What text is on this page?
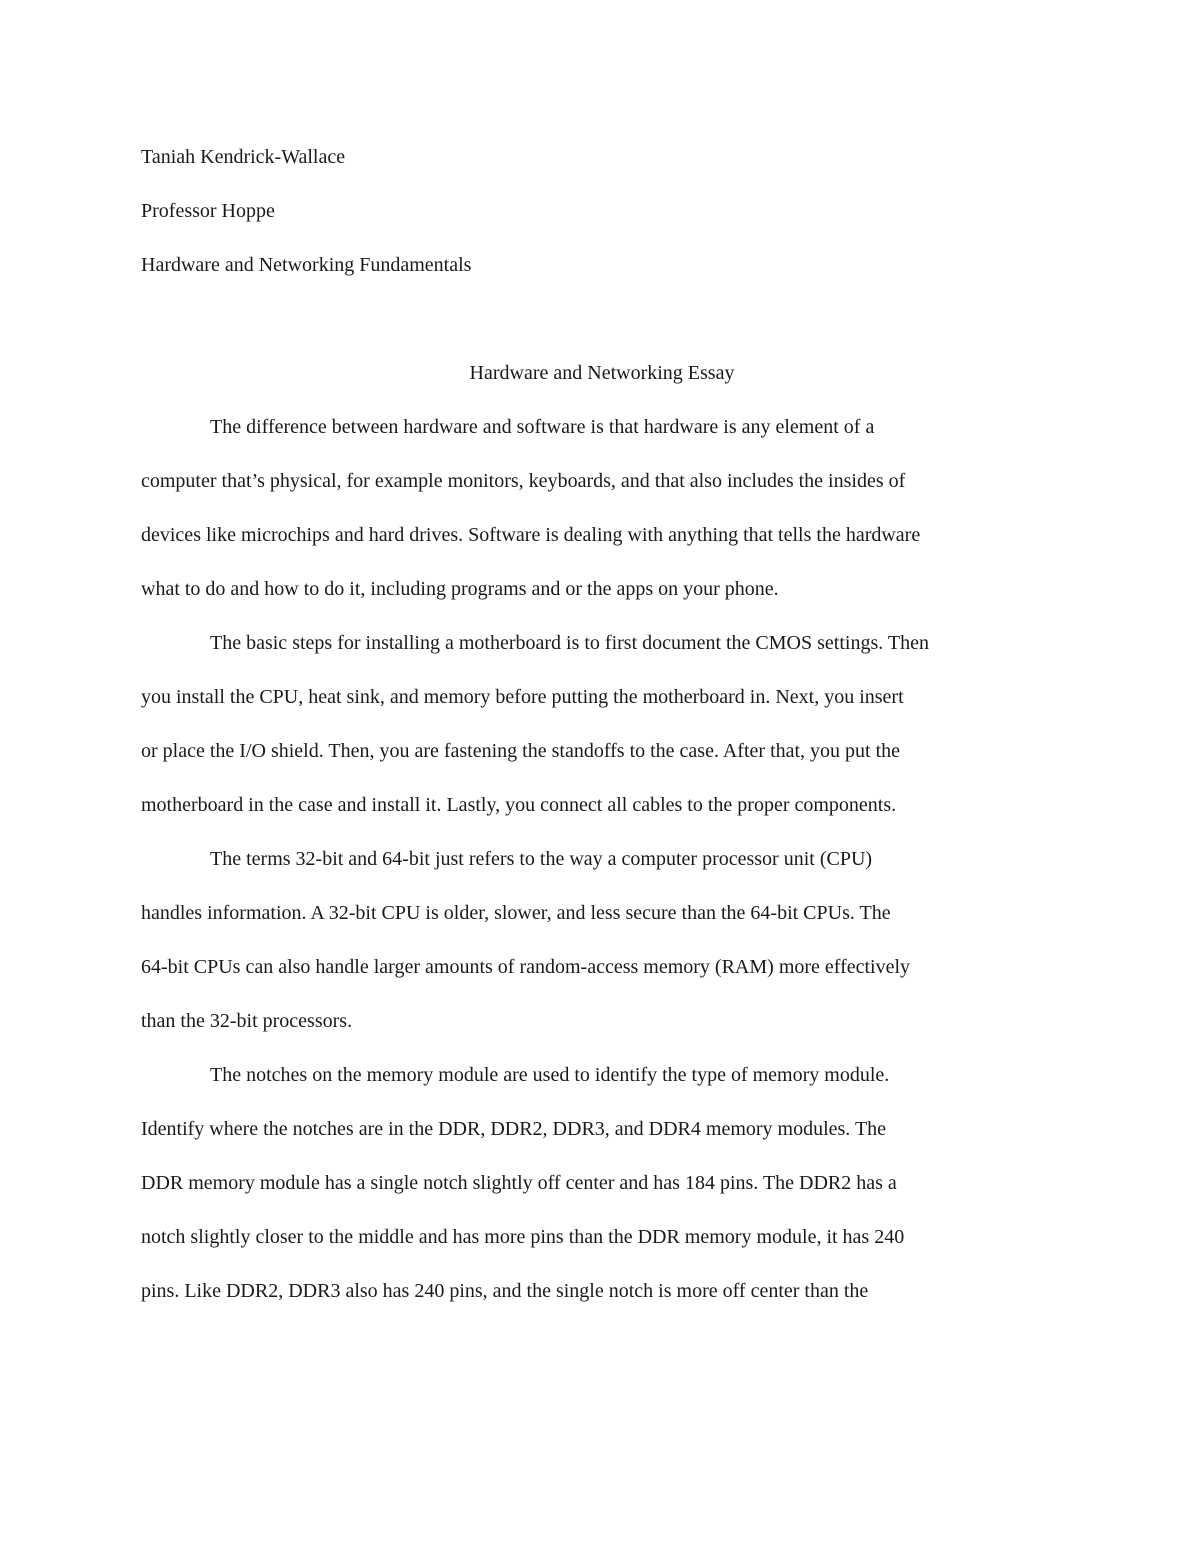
Taniah Kendrick-Wallace

Professor Hoppe

Hardware and Networking Fundamentals

Hardware and Networking Essay

The difference between hardware and software is that hardware is any element of a

computer that’s physical, for example monitors, keyboards, and that also includes the insides of

devices like microchips and hard drives. Software is dealing with anything that tells the hardware

what to do and how to do it, including programs and or the apps on your phone.

The basic steps for installing a motherboard is to first document the CMOS settings. Then

you install the CPU, heat sink, and memory before putting the motherboard in. Next, you insert

or place the I/O shield. Then, you are fastening the standoffs to the case. After that, you put the

motherboard in the case and install it. Lastly, you connect all cables to the proper components.

The terms 32-bit and 64-bit just refers to the way a computer processor unit (CPU)

handles information. A 32-bit CPU is older, slower, and less secure than the 64-bit CPUs. The

64-bit CPUs can also handle larger amounts of random-access memory (RAM) more effectively

than the 32-bit processors.

The notches on the memory module are used to identify the type of memory module.

Identify where the notches are in the DDR, DDR2, DDR3, and DDR4 memory modules. The

DDR memory module has a single notch slightly off center and has 184 pins. The DDR2 has a

notch slightly closer to the middle and has more pins than the DDR memory module, it has 240

pins. Like DDR2, DDR3 also has 240 pins, and the single notch is more off center than the
